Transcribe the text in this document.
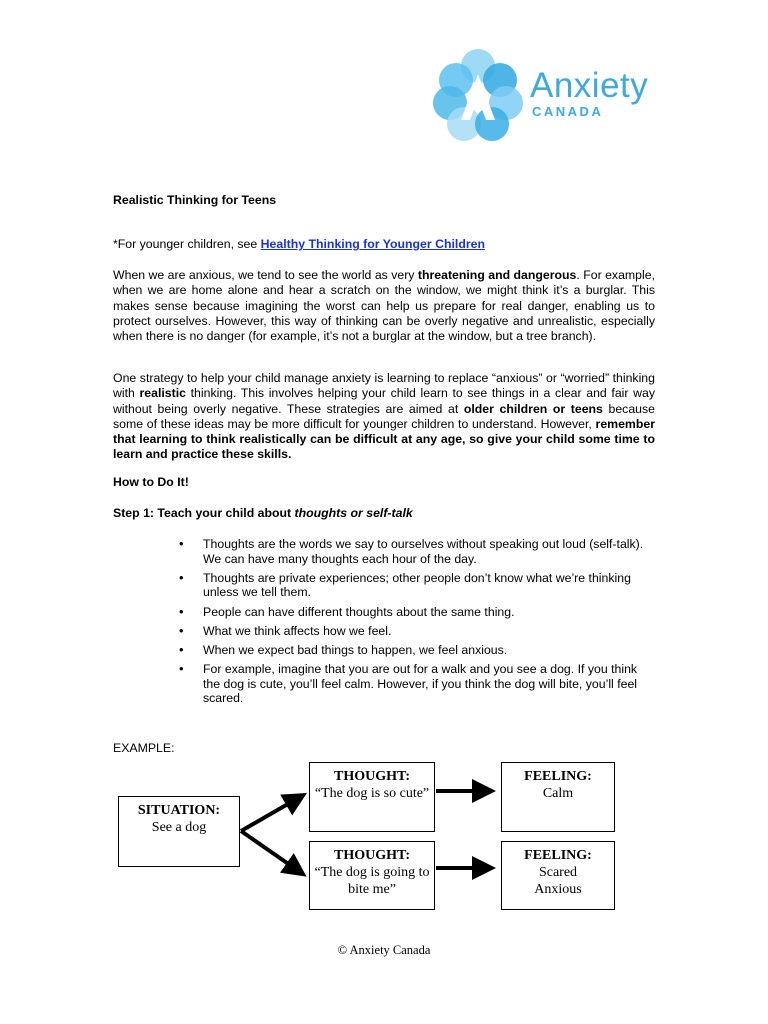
Anxiety
CANADA
Realistic Thinking for Teens
*For younger children, see Healthy Thinking for Younger Children
When we are anxious, we tend to see the world as very threatening and dangerous. For example, when we are home alone and hear a scratch on the window, we might think it’s a burglar. This makes sense because imagining the worst can help us prepare for real danger, enabling us to protect ourselves. However, this way of thinking can be overly negative and unrealistic, especially when there is no danger (for example, it’s not a burglar at the window, but a tree branch).
One strategy to help your child manage anxiety is learning to replace “anxious” or “worried” thinking with realistic thinking. This involves helping your child learn to see things in a clear and fair way without being overly negative. These strategies are aimed at older children or teens because some of these ideas may be more difficult for younger children to understand. However, remember that learning to think realistically can be difficult at any age, so give your child some time to learn and practice these skills.
How to Do It!
Step 1: Teach your child about thoughts or self-talk
• Thoughts are the words we say to ourselves without speaking out loud (self-talk). We can have many thoughts each hour of the day.
• Thoughts are private experiences; other people don’t know what we’re thinking unless we tell them.
• People can have different thoughts about the same thing.
• What we think affects how we feel.
• When we expect bad things to happen, we feel anxious.
• For example, imagine that you are out for a walk and you see a dog. If you think the dog is cute, you’ll feel calm. However, if you think the dog will bite, you’ll feel scared.
EXAMPLE:
SITUATION:
See a dog
THOUGHT:
“The dog is so cute”
THOUGHT:
“The dog is going to bite me”
FEELING:
Calm
FEELING:
Scared
Anxious
© Anxiety Canada
